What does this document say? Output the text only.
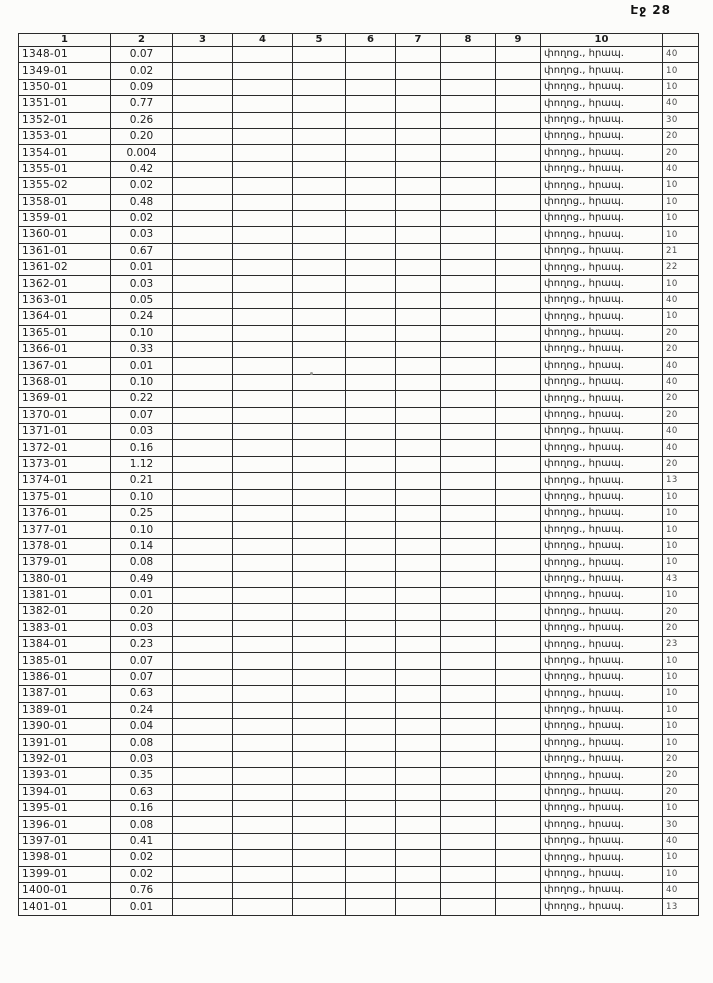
Էջ 28
1	2	3	4	5	6	7	8	9	10	
1348-01	0.07								փողոց., հրապ.	40
1349-01	0.02								փողոց., հրապ.	10
1350-01	0.09								փողոց., հրապ.	10
1351-01	0.77								փողոց., հրապ.	40
1352-01	0.26								փողոց., հրապ.	30
1353-01	0.20								փողոց., հրապ.	20
1354-01	0.004								փողոց., հրապ.	20
1355-01	0.42								փողոց., հրապ.	40
1355-02	0.02								փողոց., հրապ.	10
1358-01	0.48								փողոց., հրապ.	10
1359-01	0.02								փողոց., հրապ.	10
1360-01	0.03								փողոց., հրապ.	10
1361-01	0.67								փողոց., հրապ.	21
1361-02	0.01								փողոց., հրապ.	22
1362-01	0.03								փողոց., հրապ.	10
1363-01	0.05								փողոց., հրապ.	40
1364-01	0.24								փողոց., հրապ.	10
1365-01	0.10								փողոց., հրապ.	20
1366-01	0.33								փողոց., հրապ.	20
1367-01	0.01								փողոց., հրապ.	40
1368-01	0.10								փողոց., հրապ.	40
1369-01	0.22								փողոց., հրապ.	20
1370-01	0.07								փողոց., հրապ.	20
1371-01	0.03								փողոց., հրապ.	40
1372-01	0.16								փողոց., հրապ.	40
1373-01	1.12								փողոց., հրապ.	20
1374-01	0.21								փողոց., հրապ.	13
1375-01	0.10								փողոց., հրապ.	10
1376-01	0.25								փողոց., հրապ.	10
1377-01	0.10								փողոց., հրապ.	10
1378-01	0.14								փողոց., հրապ.	10
1379-01	0.08								փողոց., հրապ.	10
1380-01	0.49								փողոց., հրապ.	43
1381-01	0.01								փողոց., հրապ.	10
1382-01	0.20								փողոց., հրապ.	20
1383-01	0.03								փողոց., հրապ.	20
1384-01	0.23								փողոց., հրապ.	23
1385-01	0.07								փողոց., հրապ.	10
1386-01	0.07								փողոց., հրապ.	10
1387-01	0.63								փողոց., հրապ.	10
1389-01	0.24								փողոց., հրապ.	10
1390-01	0.04								փողոց., հրապ.	10
1391-01	0.08								փողոց., հրապ.	10
1392-01	0.03								փողոց., հրապ.	20
1393-01	0.35								փողոց., հրապ.	20
1394-01	0.63								փողոց., հրապ.	20
1395-01	0.16								փողոց., հրապ.	10
1396-01	0.08								փողոց., հրապ.	30
1397-01	0.41								փողոց., հրապ.	40
1398-01	0.02								փողոց., հրապ.	10
1399-01	0.02								փողոց., հրապ.	10
1400-01	0.76								փողոց., հրապ.	40
1401-01	0.01								փողոց., հրապ.	13
